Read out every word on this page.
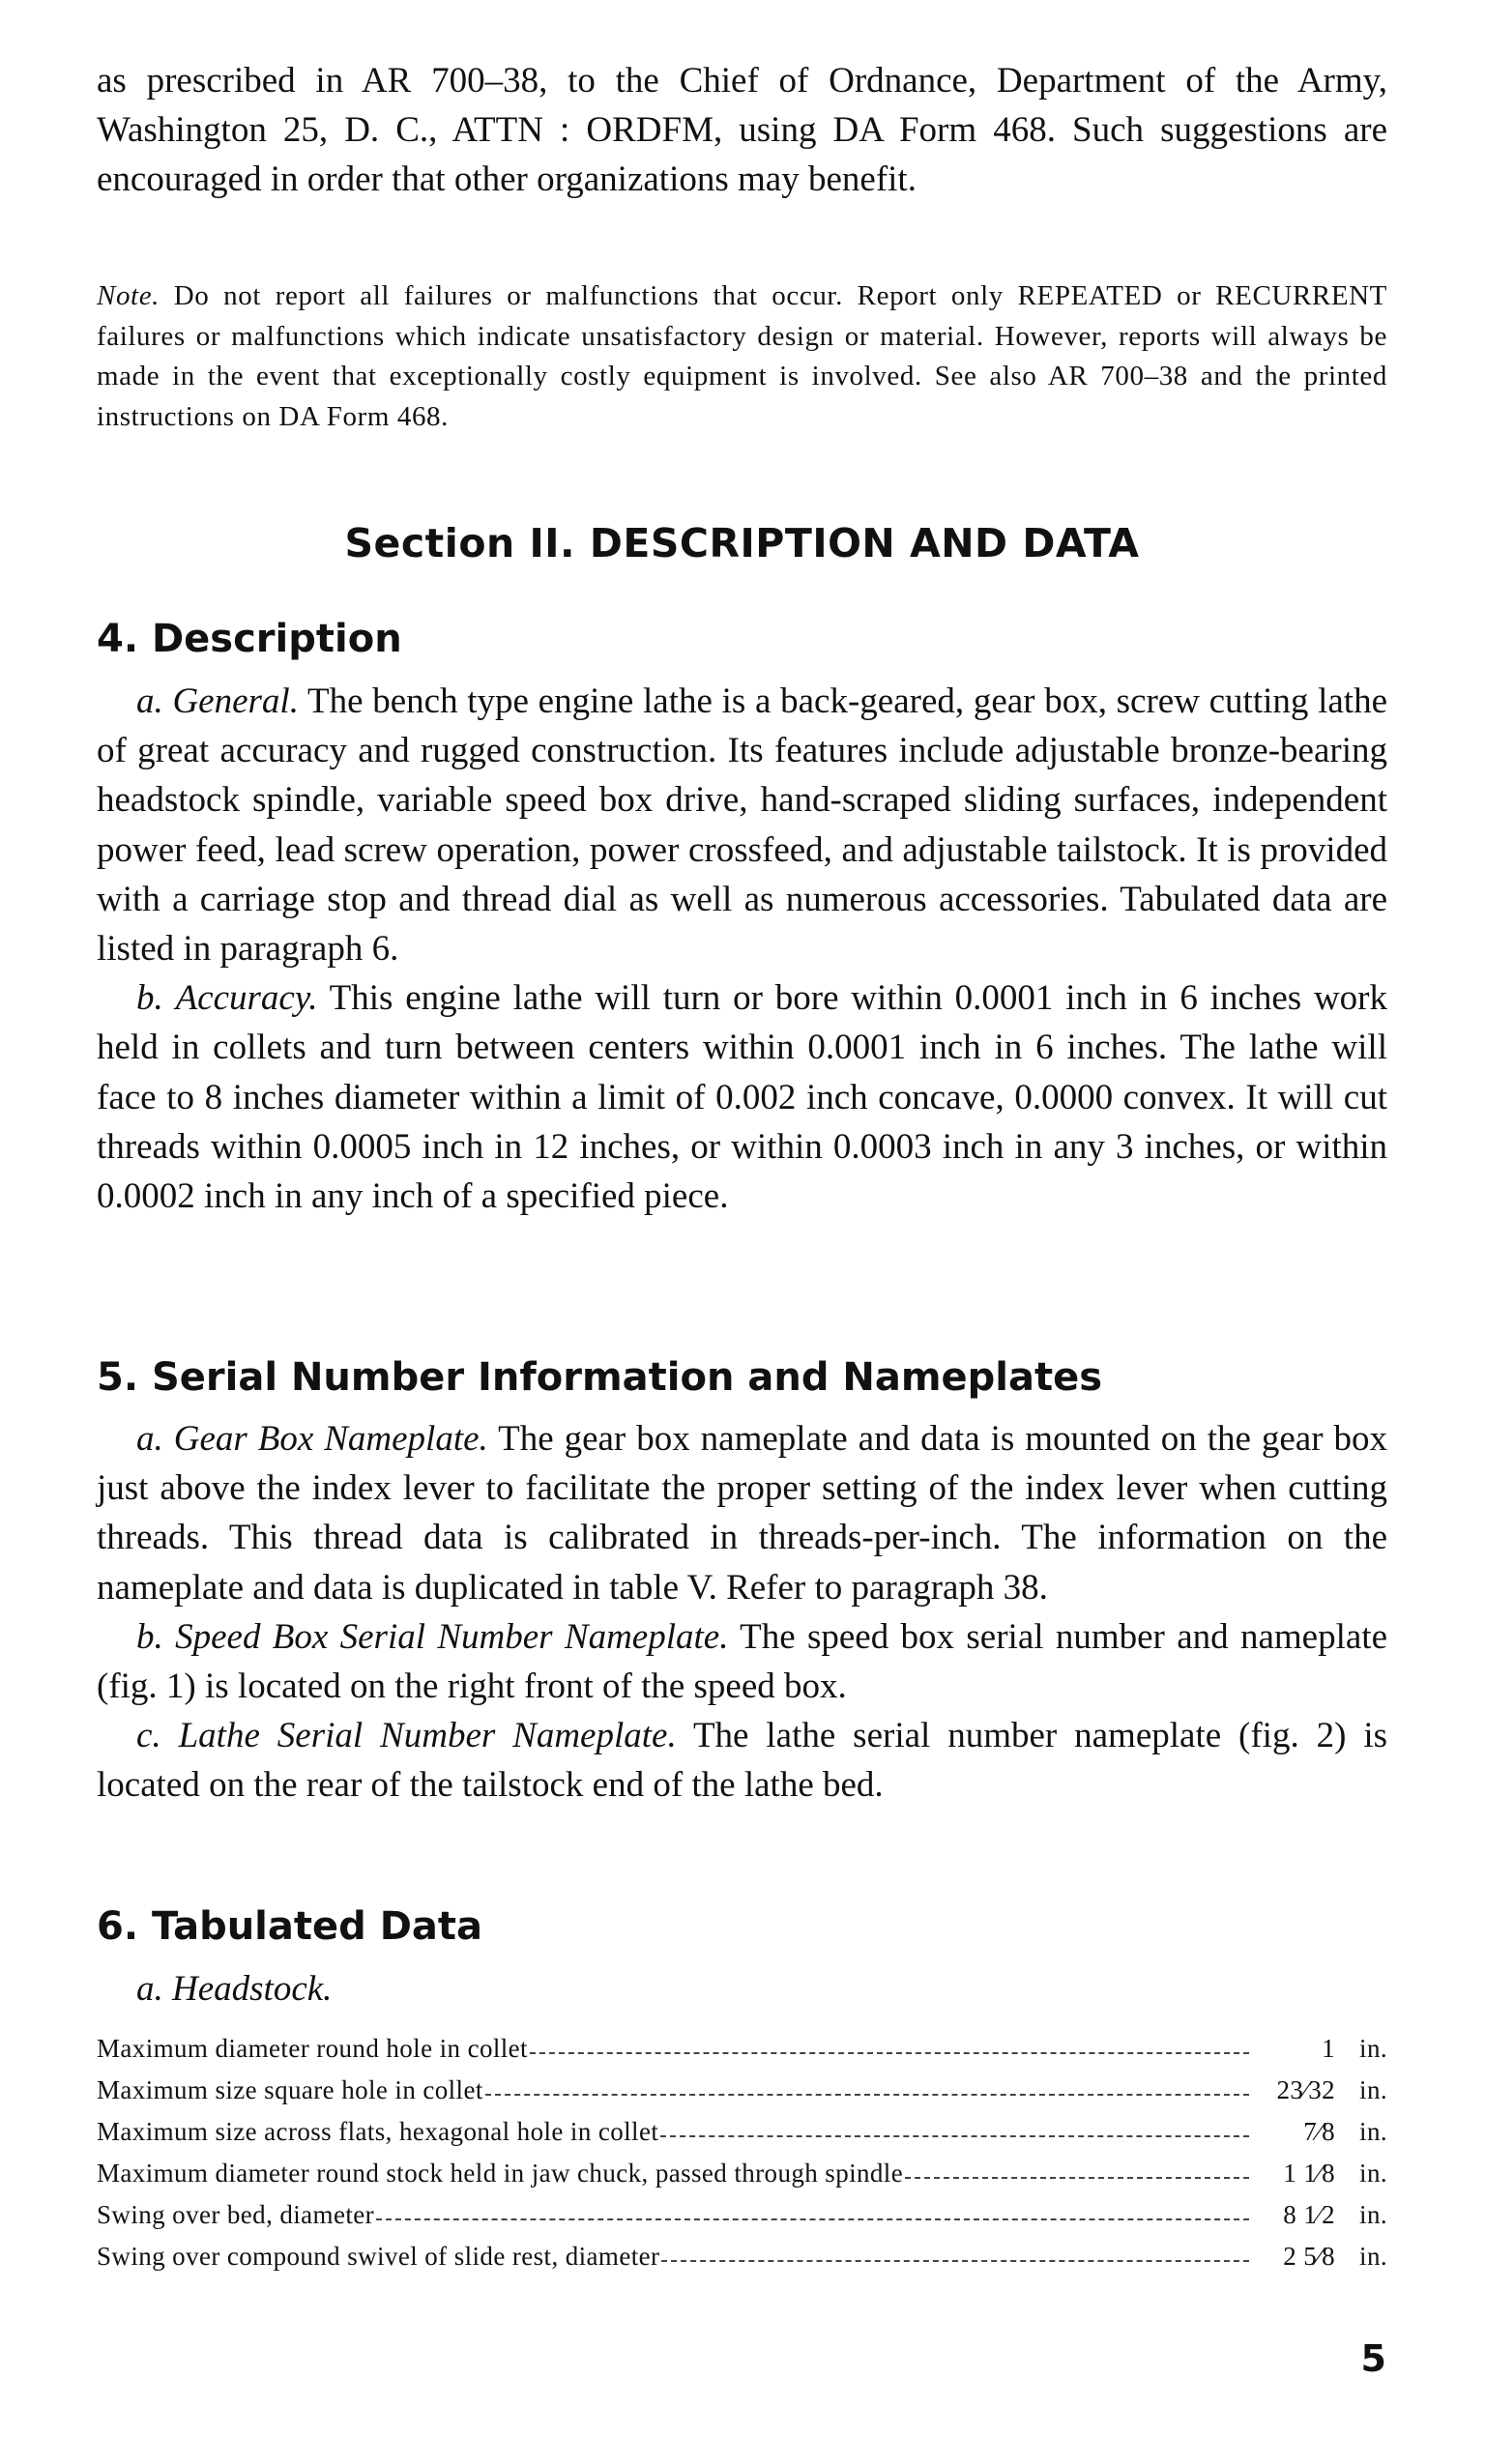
as prescribed in AR 700–38, to the Chief of Ordnance, Department of the Army, Washington 25, D. C., ATTN : ORDFM, using DA Form 468. Such suggestions are encouraged in order that other organizations may benefit.

Note. Do not report all failures or malfunctions that occur. Report only REPEATED or RECURRENT failures or malfunctions which indicate unsatisfactory design or material. However, reports will always be made in the event that exceptionally costly equipment is involved. See also AR 700–38 and the printed instructions on DA Form 468.

Section II. DESCRIPTION AND DATA
4. Description

a. General. The bench type engine lathe is a back-geared, gear box, screw cutting lathe of great accuracy and rugged construction. Its features include adjustable bronze-bearing headstock spindle, variable speed box drive, hand-scraped sliding surfaces, independent power feed, lead screw operation, power crossfeed, and adjustable tailstock. It is provided with a carriage stop and thread dial as well as numerous accessories. Tabulated data are listed in paragraph 6.

b. Accuracy. This engine lathe will turn or bore within 0.0001 inch in 6 inches work held in collets and turn between centers within 0.0001 inch in 6 inches. The lathe will face to 8 inches diameter within a limit of 0.002 inch concave, 0.0000 convex. It will cut threads within 0.0005 inch in 12 inches, or within 0.0003 inch in any 3 inches, or within 0.0002 inch in any inch of a specified piece.

5. Serial Number Information and Nameplates

a. Gear Box Nameplate. The gear box nameplate and data is mounted on the gear box just above the index lever to facilitate the proper setting of the index lever when cutting threads. This thread data is calibrated in threads-per-inch. The information on the nameplate and data is duplicated in table V. Refer to paragraph 38.

b. Speed Box Serial Number Nameplate. The speed box serial number and nameplate (fig. 1) is located on the right front of the speed box.

c. Lathe Serial Number Nameplate. The lathe serial number nameplate (fig. 2) is located on the rear of the tailstock end of the lathe bed.

6. Tabulated Data

a. Headstock.

Maximum diameter round hole in collet	1 in.
Maximum size square hole in collet	23⁄32 in.
Maximum size across flats, hexagonal hole in collet	7⁄8 in.
Maximum diameter round stock held in jaw chuck, passed through spindle	1 1⁄8 in.
Swing over bed, diameter	8 1⁄2 in.
Swing over compound swivel of slide rest, diameter	2 5⁄8 in.
5
